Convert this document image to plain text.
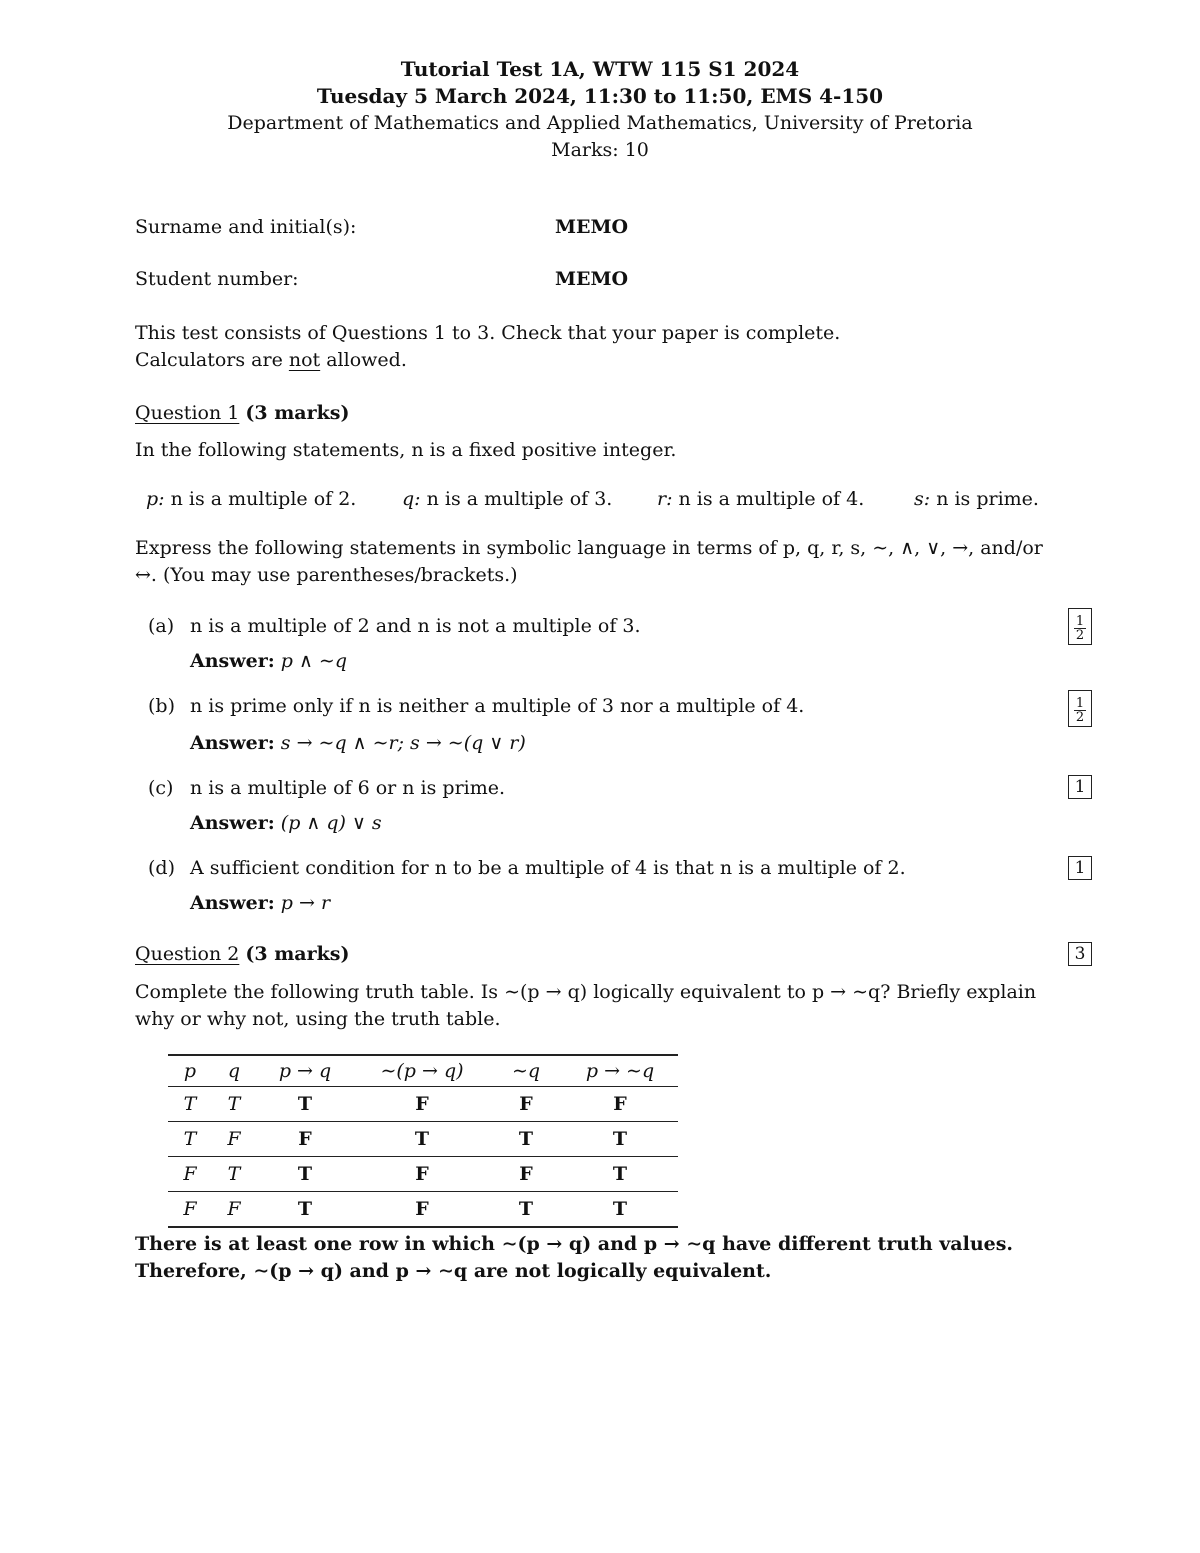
Tutorial Test 1A, WTW 115 S1 2024
Tuesday 5 March 2024, 11:30 to 11:50, EMS 4-150
Department of Mathematics and Applied Mathematics, University of Pretoria
Marks: 10
Surname and initial(s):	MEMO
Student number:	MEMO
This test consists of Questions 1 to 3. Check that your paper is complete.
Calculators are not allowed.
Question 1 (3 marks)
In the following statements, n is a fixed positive integer.
p: n is a multiple of 2. q: n is a multiple of 3. r: n is a multiple of 4.	s: n is prime.
Express the following statements in symbolic language in terms of p, q, r, s, ∼, ∧, ∨, →, and/or
↔. (You may use parentheses/brackets.)
(a) n is a multiple of 2 and n is not a multiple of 3.
Answer: p ∧ ∼q
$\frac{1}{2}$
(b) n is prime only if n is neither a multiple of 3 nor a multiple of 4.
Answer: s → ∼q ∧ ∼r; s → ∼(q ∨ r)
$\frac{1}{2}$
(c) n is a multiple of 6 or n is prime.
Answer: (p ∧ q) ∨ s
1
(d) A sufficient condition for n to be a multiple of 4 is that n is a multiple of 2.
Answer: p → r
1
Question 2 (3 marks)	3
Complete the following truth table. Is ∼(p → q) logically equivalent to p → ∼q? Briefly explain
why or why not, using the truth table.
p	q	p → q	∼(p → q)	∼q	p → ∼q
T	T	T	F	F	F
T	F	F	T	T	T
F	T	T	F	F	T
F	F	T	F	T	T
There is at least one row in which ∼(p → q) and p → ∼q have different truth values.
Therefore, ∼(p → q) and p → ∼q are not logically equivalent.
